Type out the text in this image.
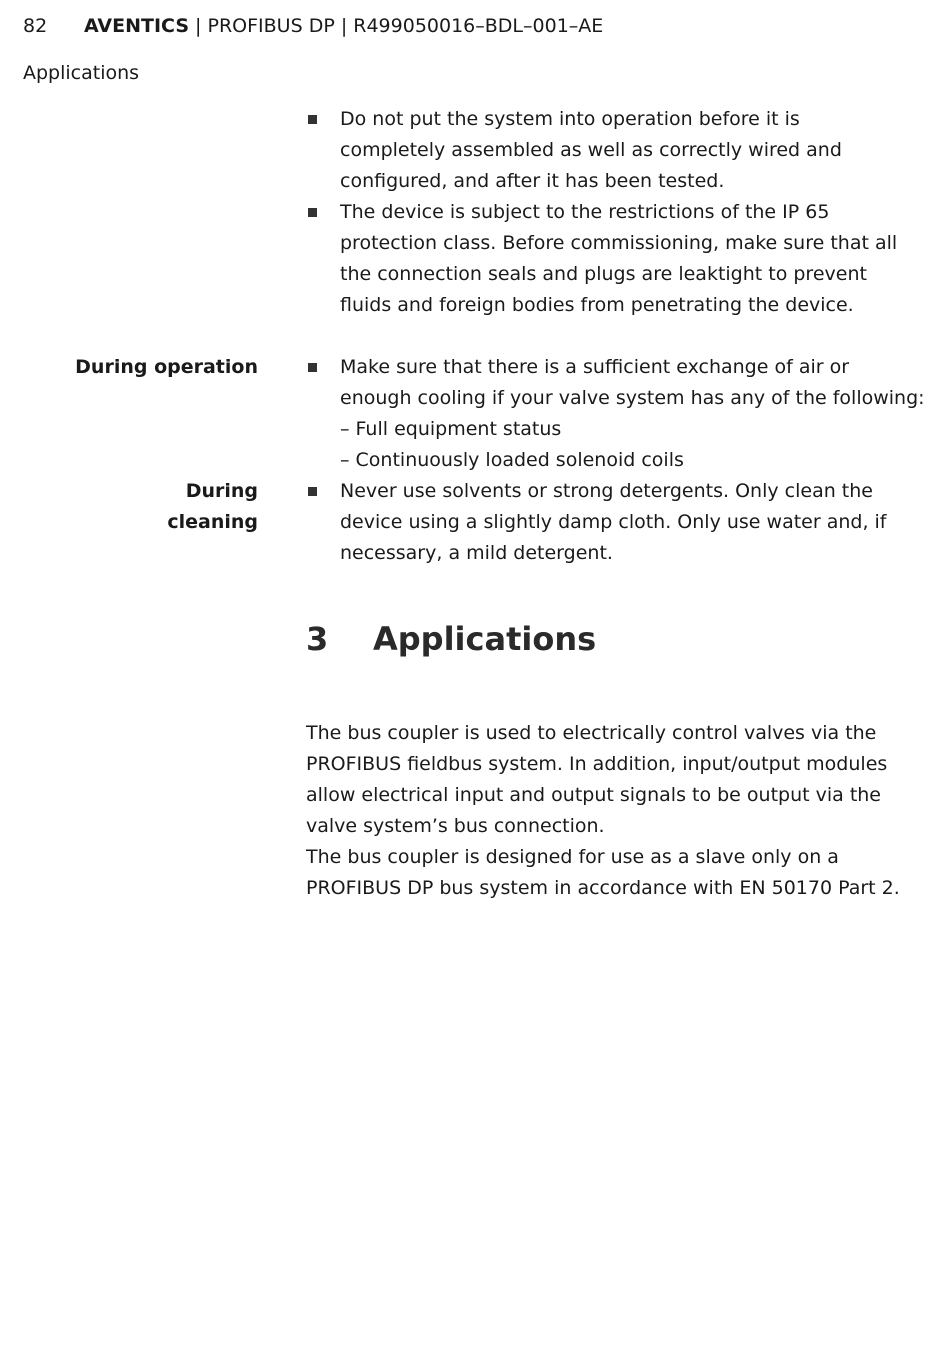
82 AVENTICS | PROFIBUS DP | R499050016–BDL–001–AE
Applications
Do not put the system into operation before it is completely assembled as well as correctly wired and configured, and after it has been tested.
The device is subject to the restrictions of the IP 65 protection class. Before commissioning, make sure that all the connection seals and plugs are leaktight to prevent fluids and foreign bodies from penetrating the device.
During operation	Make sure that there is a sufficient exchange of air or
enough cooling if your valve system has any of the following:
– Full equipment status
– Continuously loaded solenoid coils
During
cleaning
Never use solvents or strong detergents. Only clean the device using a slightly damp cloth. Only use water and, if necessary, a mild detergent.
3 Applications

The bus coupler is used to electrically control valves via the PROFIBUS fieldbus system. In addition, input/output modules allow electrical input and output signals to be output via the valve system’s bus connection.

The bus coupler is designed for use as a slave only on a PROFIBUS DP bus system in accordance with EN 50170 Part 2.
